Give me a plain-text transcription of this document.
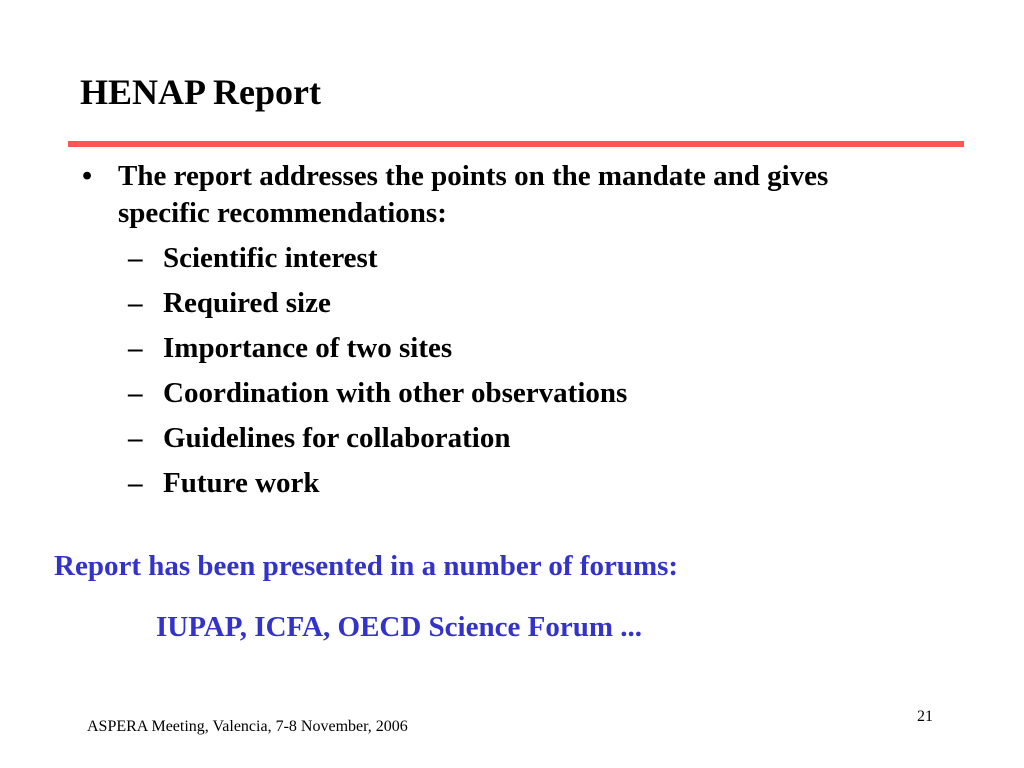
HENAP Report
• The report addresses the points on the mandate and gives specific recommendations:
– Scientific interest
– Required size
– Importance of two sites
– Coordination with other observations
– Guidelines for collaboration
– Future work
Report has been presented in a number of forums:
IUPAP, ICFA, OECD Science Forum ...
ASPERA Meeting, Valencia, 7-8 November, 2006
21
